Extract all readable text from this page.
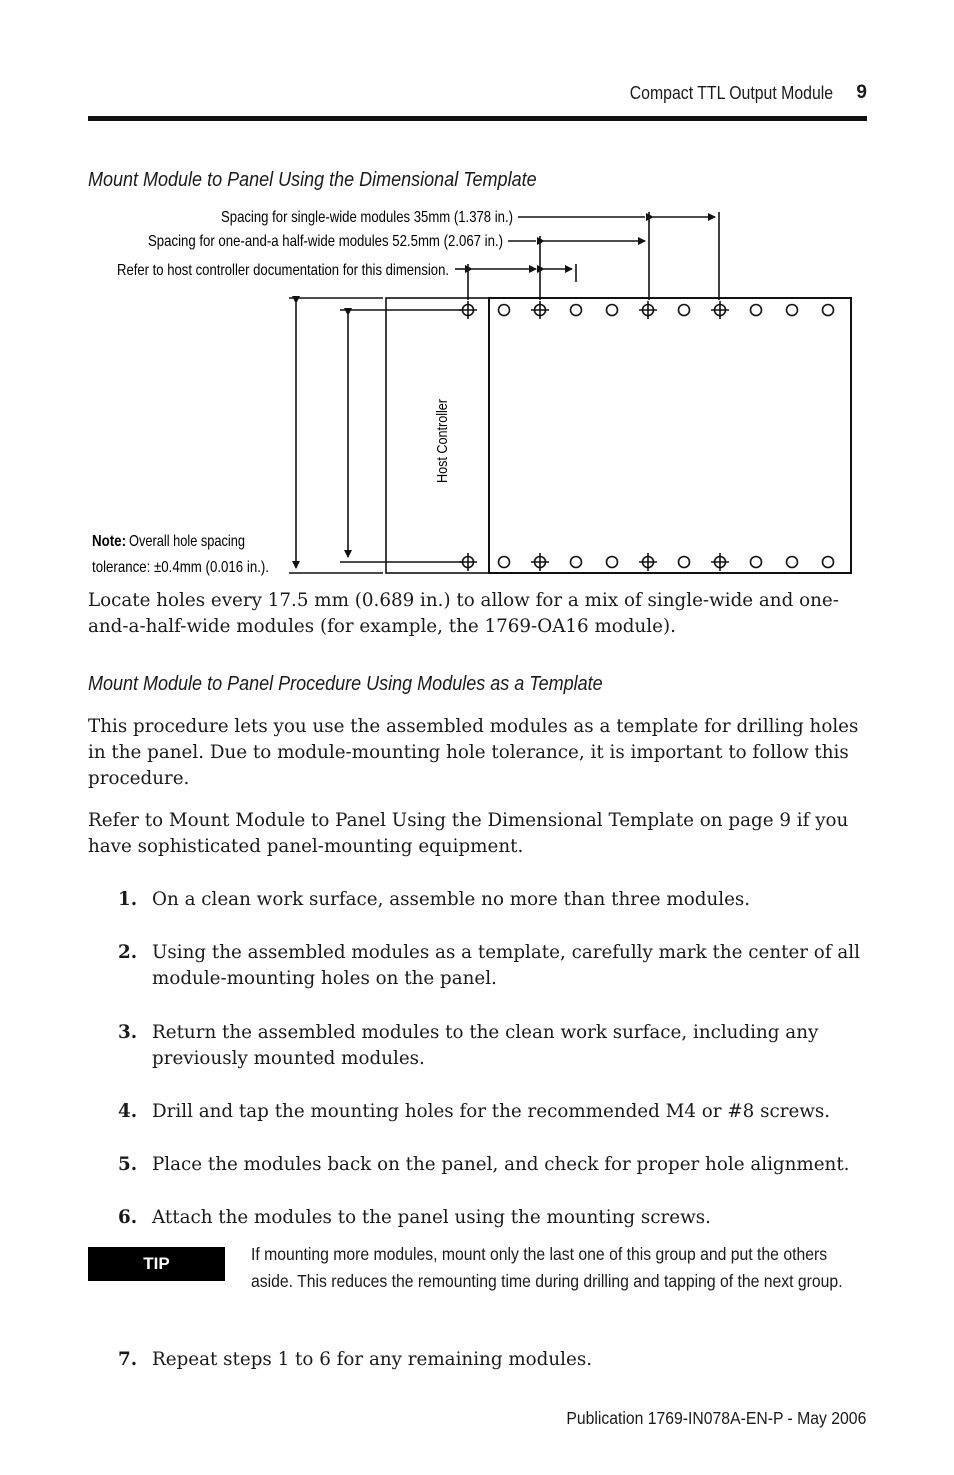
Compact TTL Output Module 9
Mount Module to Panel Using the Dimensional Template
Spacing for single-wide modules 35mm (1.378 in.)
Spacing for one-and-a half-wide modules 52.5mm (2.067 in.)
Refer to host controller documentation for this dimension.
Host Controller
Note: Overall hole spacing
tolerance: ±0.4mm (0.016 in.).
Locate holes every 17.5 mm (0.689 in.) to allow for a mix of single-wide and one-and-a-half-wide modules (for example, the 1769-OA16 module).
Mount Module to Panel Procedure Using Modules as a Template
This procedure lets you use the assembled modules as a template for drilling holes in the panel. Due to module-mounting hole tolerance, it is important to follow this procedure.
Refer to Mount Module to Panel Using the Dimensional Template on page 9 if you have sophisticated panel-mounting equipment.
1. On a clean work surface, assemble no more than three modules.
2. Using the assembled modules as a template, carefully mark the center of all module-mounting holes on the panel.
3. Return the assembled modules to the clean work surface, including any previously mounted modules.
4. Drill and tap the mounting holes for the recommended M4 or #8 screws.
5. Place the modules back on the panel, and check for proper hole alignment.
6. Attach the modules to the panel using the mounting screws.
TIP	If mounting more modules, mount only the last one of this group and put the others aside. This reduces the remounting time during drilling and tapping of the next group.
7. Repeat steps 1 to 6 for any remaining modules.
Publication 1769-IN078A-EN-P - May 2006
